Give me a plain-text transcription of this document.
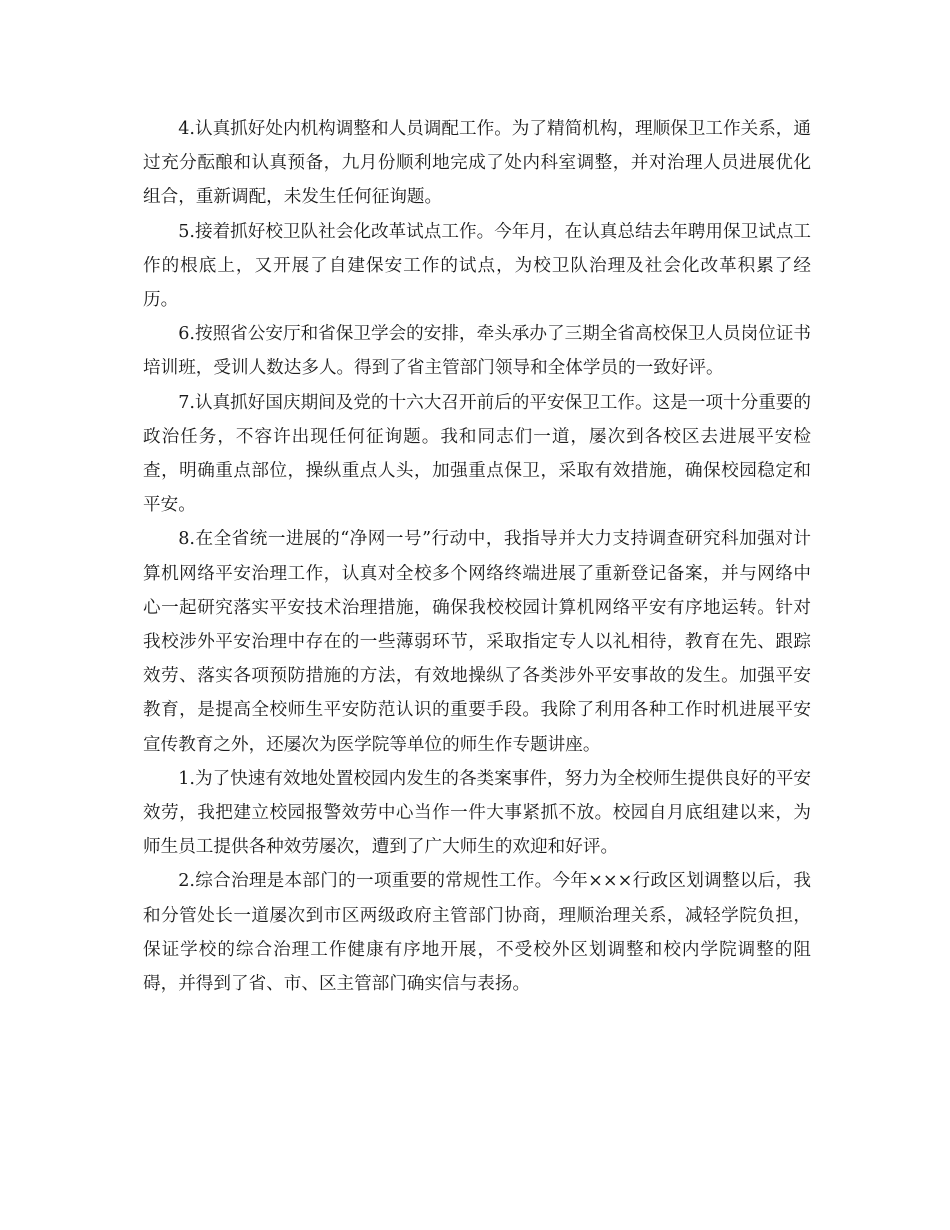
4.认真抓好处内机构调整和人员调配工作。为了精简机构，理顺保卫工作关系，通过充分酝酿和认真预备，九月份顺利地完成了处内科室调整，并对治理人员进展优化组合，重新调配，未发生任何征询题。

5.接着抓好校卫队社会化改革试点工作。今年月，在认真总结去年聘用保卫试点工作的根底上，又开展了自建保安工作的试点，为校卫队治理及社会化改革积累了经历。

6.按照省公安厅和省保卫学会的安排，牵头承办了三期全省高校保卫人员岗位证书培训班，受训人数达多人。得到了省主管部门领导和全体学员的一致好评。

7.认真抓好国庆期间及党的十六大召开前后的平安保卫工作。这是一项十分重要的政治任务，不容许出现任何征询题。我和同志们一道，屡次到各校区去进展平安检查，明确重点部位，操纵重点人头，加强重点保卫，采取有效措施，确保校园稳定和平安。

8.在全省统一进展的“净网一号”行动中，我指导并大力支持调查研究科加强对计算机网络平安治理工作，认真对全校多个网络终端进展了重新登记备案，并与网络中心一起研究落实平安技术治理措施，确保我校校园计算机网络平安有序地运转。针对我校涉外平安治理中存在的一些薄弱环节，采取指定专人以礼相待，教育在先、跟踪效劳、落实各项预防措施的方法，有效地操纵了各类涉外平安事故的发生。加强平安教育，是提高全校师生平安防范认识的重要手段。我除了利用各种工作时机进展平安宣传教育之外，还屡次为医学院等单位的师生作专题讲座。

1.为了快速有效地处置校园内发生的各类案事件，努力为全校师生提供良好的平安效劳，我把建立校园报警效劳中心当作一件大事紧抓不放。校园自月底组建以来，为师生员工提供各种效劳屡次，遭到了广大师生的欢迎和好评。

2.综合治理是本部门的一项重要的常规性工作。今年×××行政区划调整以后，我和分管处长一道屡次到市区两级政府主管部门协商，理顺治理关系，减轻学院负担，保证学校的综合治理工作健康有序地开展，不受校外区划调整和校内学院调整的阻碍，并得到了省、市、区主管部门确实信与表扬。
